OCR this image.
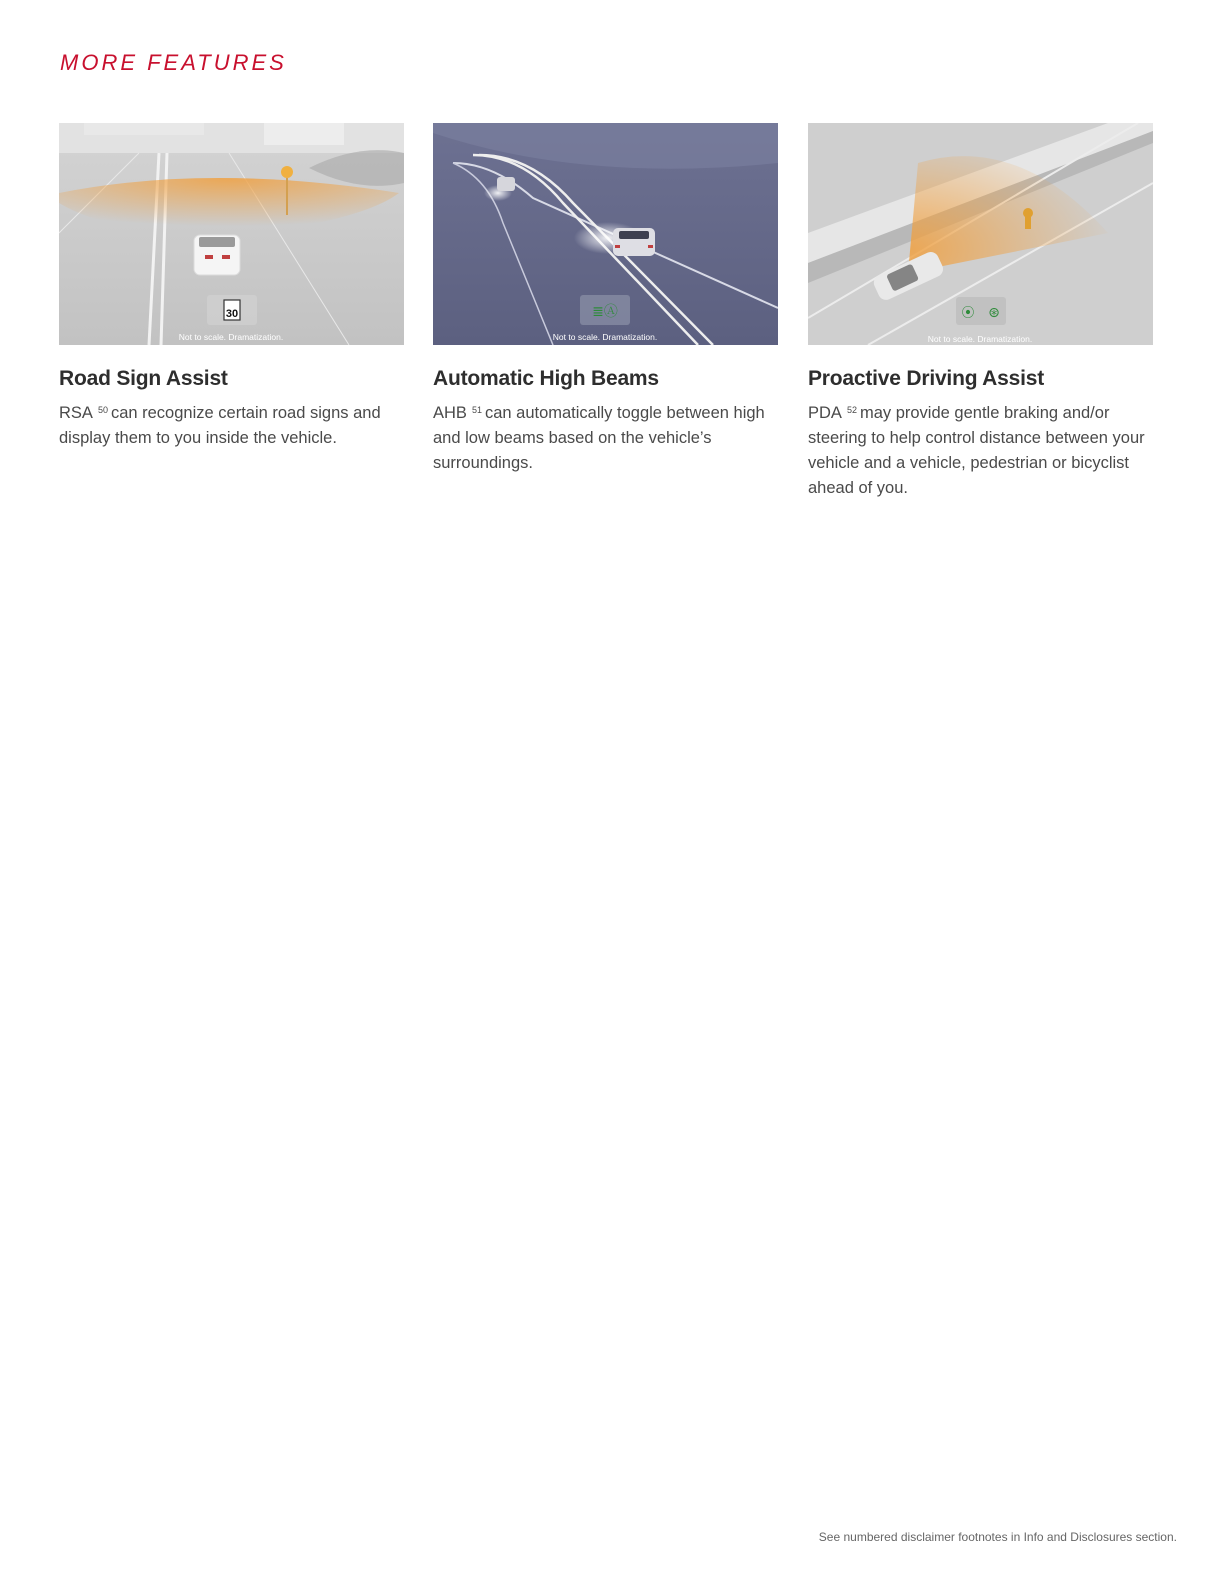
MORE FEATURES
30
Not to scale. Dramatization.
Road Sign Assist

RSA $^{50}$ can recognize certain road signs and display them to you inside the vehicle.

≣Ⓐ
Not to scale. Dramatization.
Automatic High Beams

AHB $^{51}$ can automatically toggle between high and low beams based on the vehicle’s surroundings.

⦿ ⊛
Not to scale. Dramatization.
Proactive Driving Assist

PDA $^{52}$ may provide gentle braking and/or steering to help control distance between your vehicle and a vehicle, pedestrian or bicyclist ahead of you.

See numbered disclaimer footnotes in Info and Disclosures section.
